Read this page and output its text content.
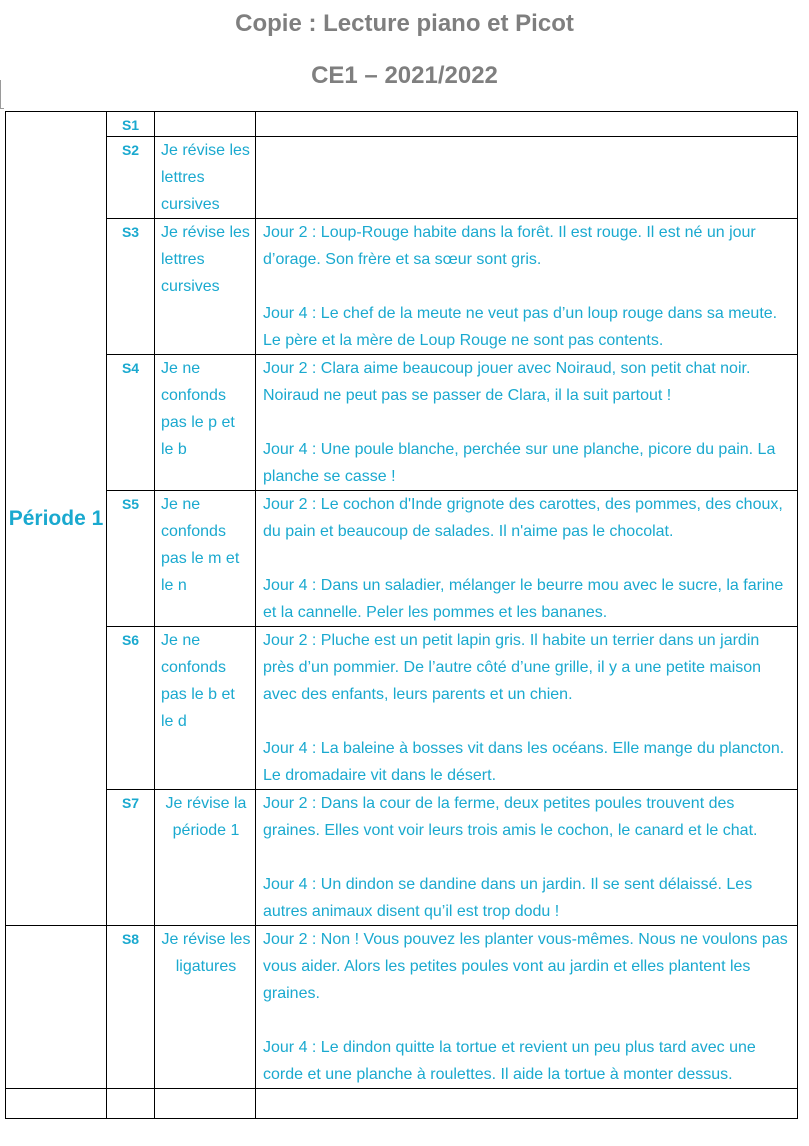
Copie : Lecture piano et Picot
CE1 – 2021/2022
Période 1	S1		
	S2	Je révise les lettres cursives	
	S3	Je révise les lettres cursives	Jour 2 : Loup-Rouge habite dans la forêt. Il est rouge. Il est né un jour d’orage. Son frère et sa sœur sont gris.

Jour 4 : Le chef de la meute ne veut pas d’un loup rouge dans sa meute. Le père et la mère de Loup Rouge ne sont pas contents.

	S4	Je ne confonds pas le p et le b	Jour 2 : Clara aime beaucoup jouer avec Noiraud, son petit chat noir. Noiraud ne peut pas se passer de Clara, il la suit partout !

Jour 4 : Une poule blanche, perchée sur une planche, picore du pain. La planche se casse !

	S5	Je ne confonds pas le m et le n	Jour 2 : Le cochon d'Inde grignote des carottes, des pommes, des choux, du pain et beaucoup de salades. Il n'aime pas le chocolat.

Jour 4 : Dans un saladier, mélanger le beurre mou avec le sucre, la farine et la cannelle. Peler les pommes et les bananes.

	S6	Je ne confonds pas le b et le d	Jour 2 : Pluche est un petit lapin gris. Il habite un terrier dans un jardin près d’un pommier. De l’autre côté d’une grille, il y a une petite maison avec des enfants, leurs parents et un chien.

Jour 4 : La baleine à bosses vit dans les océans. Elle mange du plancton. Le dromadaire vit dans le désert.

	S7	Je révise la période 1	Jour 2 : Dans la cour de la ferme, deux petites poules trouvent des graines. Elles vont voir leurs trois amis le cochon, le canard et le chat.

Jour 4 : Un dindon se dandine dans un jardin. Il se sent délaissé. Les autres animaux disent qu’il est trop dodu !

	S8	Je révise les ligatures	Jour 2 : Non ! Vous pouvez les planter vous-mêmes. Nous ne voulons pas vous aider. Alors les petites poules vont au jardin et elles plantent les graines.

Jour 4 : Le dindon quitte la tortue et revient un peu plus tard avec une corde et une planche à roulettes. Il aide la tortue à monter dessus.
